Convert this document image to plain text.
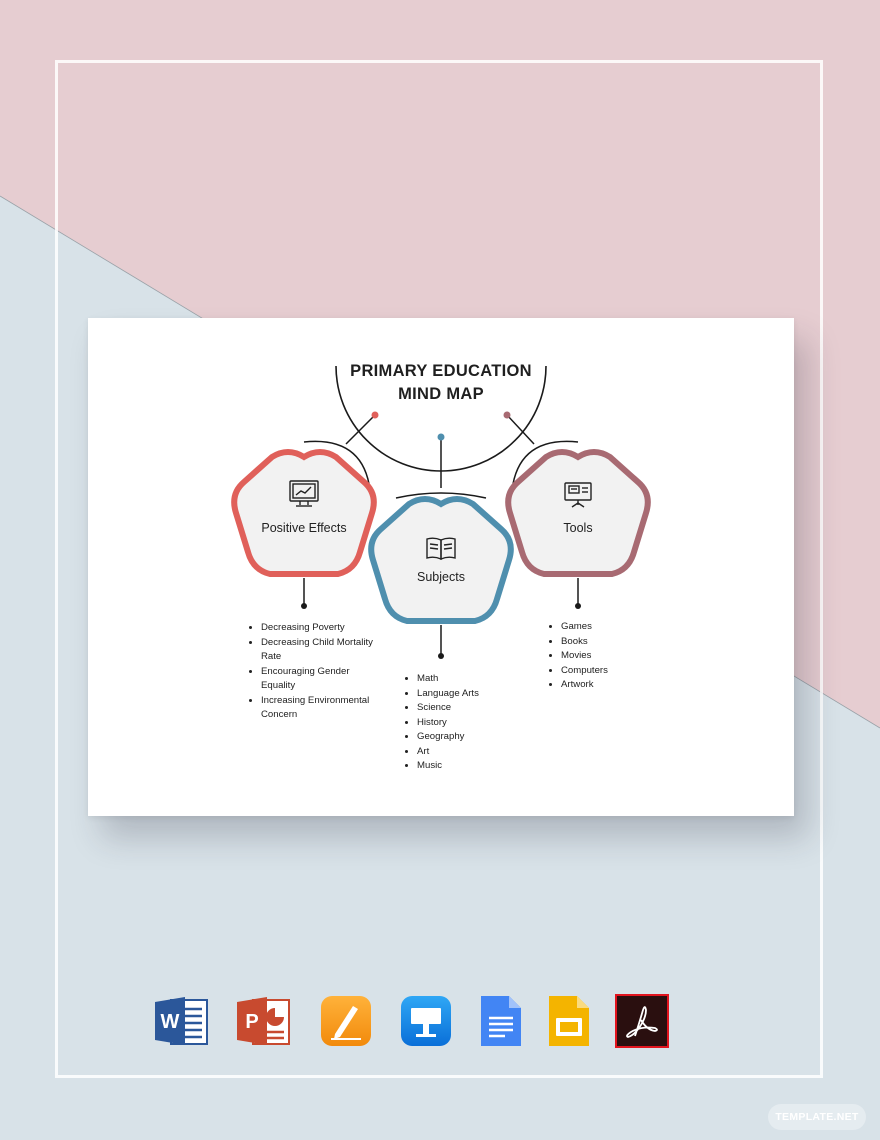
PRIMARY EDUCATION
MIND MAP
Positive Effects
Subjects
Tools
• Decreasing Poverty
• Decreasing Child Mortality Rate
• Encouraging Gender Equality
• Increasing Environmental Concern
• Math
• Language Arts
• Science
• History
• Geography
• Art
• Music
• Games
• Books
• Movies
• Computers
• Artwork
W	P
TEMPLATE.NET
